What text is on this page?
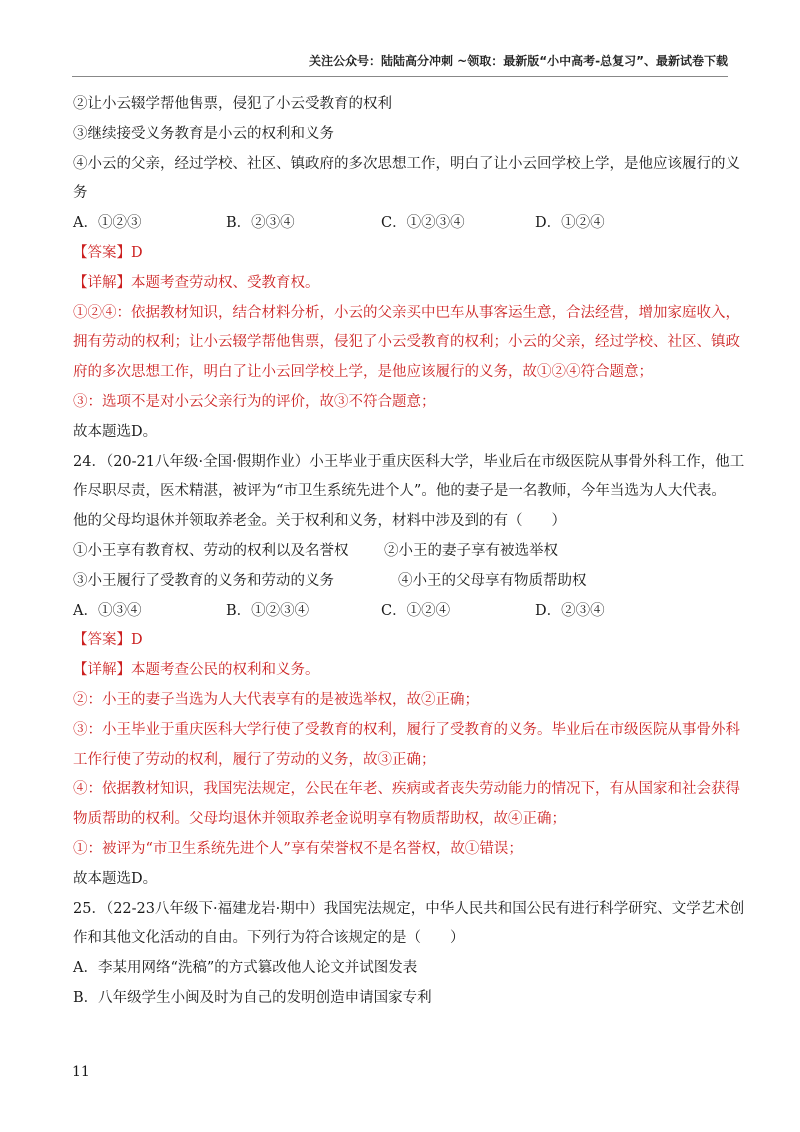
关注公众号：陆陆高分冲刺 ~领取：最新版“小中高考-总复习”、最新试卷下载
②让小云辍学帮他售票，侵犯了小云受教育的权利
③继续接受义务教育是小云的权利和义务
④小云的父亲，经过学校、社区、镇政府的多次思想工作，明白了让小云回学校上学，是他应该履行的义
务
A．①②③	B．②③④	C．①②③④	D．①②④
【答案】D
【详解】本题考查劳动权、受教育权。
①②④：依据教材知识，结合材料分析，小云的父亲买中巴车从事客运生意，合法经营，增加家庭收入，
拥有劳动的权利；让小云辍学帮他售票，侵犯了小云受教育的权利；小云的父亲，经过学校、社区、镇政
府的多次思想工作，明白了让小云回学校上学，是他应该履行的义务，故①②④符合题意；
③：选项不是对小云父亲行为的评价，故③不符合题意；
故本题选D。
24．（20-21八年级·全国·假期作业）小王毕业于重庆医科大学，毕业后在市级医院从事骨外科工作，他工
作尽职尽责，医术精湛，被评为“市卫生系统先进个人”。他的妻子是一名教师，今年当选为人大代表。
他的父母均退休并领取养老金。关于权利和义务，材料中涉及到的有（　　）
①小王享有教育权、劳动的权利以及名誉权 ②小王的妻子享有被选举权
③小王履行了受教育的义务和劳动的义务	④小王的父母享有物质帮助权
A．①③④	B．①②③④	C．①②④	D．②③④
【答案】D
【详解】本题考查公民的权利和义务。
②：小王的妻子当选为人大代表享有的是被选举权，故②正确；
③：小王毕业于重庆医科大学行使了受教育的权利，履行了受教育的义务。毕业后在市级医院从事骨外科
工作行使了劳动的权利，履行了劳动的义务，故③正确；
④：依据教材知识，我国宪法规定，公民在年老、疾病或者丧失劳动能力的情况下，有从国家和社会获得
物质帮助的权利。父母均退休并领取养老金说明享有物质帮助权，故④正确；
①：被评为“市卫生系统先进个人”享有荣誉权不是名誉权，故①错误；
故本题选D。
25．（22-23八年级下·福建龙岩·期中）我国宪法规定，中华人民共和国公民有进行科学研究、文学艺术创
作和其他文化活动的自由。下列行为符合该规定的是（　　）
A．李某用网络“洗稿”的方式篡改他人论文并试图发表
B．八年级学生小闽及时为自己的发明创造申请国家专利
11
